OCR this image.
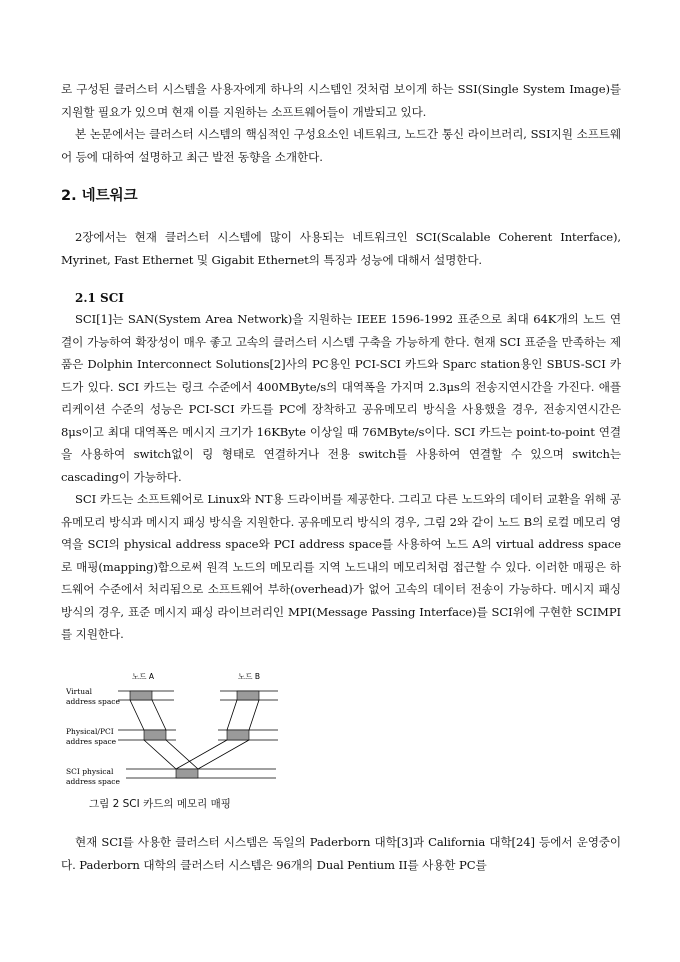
로 구성된 클러스터 시스템을 사용자에게 하나의 시스템인 것처럼 보이게 하는 SSI(Single System Image)를 지원할 필요가 있으며 현재 이를 지원하는 소프트웨어들이 개발되고 있다.

본 논문에서는 클러스터 시스템의 핵심적인 구성요소인 네트워크, 노드간 통신 라이브러리, SSI지원 소프트웨어 등에 대하여 설명하고 최근 발전 동향을 소개한다.

2. 네트워크

2장에서는 현재 클러스터 시스템에 많이 사용되는 네트워크인 SCI(Scalable Coherent Interface), Myrinet, Fast Ethernet 및 Gigabit Ethernet의 특징과 성능에 대해서 설명한다.

2.1 SCI

SCI[1]는 SAN(System Area Network)을 지원하는 IEEE 1596-1992 표준으로 최대 64K개의 노드 연결이 가능하여 확장성이 매우 좋고 고속의 클러스터 시스템 구축을 가능하게 한다. 현재 SCI 표준을 만족하는 제품은 Dolphin Interconnect Solutions[2]사의 PC용인 PCI-SCI 카드와 Sparc station용인 SBUS-SCI 카드가 있다. SCI 카드는 링크 수준에서 400MByte/s의 대역폭을 가지며 2.3μs의 전송지연시간을 가진다. 애플리케이션 수준의 성능은 PCI-SCI 카드를 PC에 장착하고 공유메모리 방식을 사용했을 경우, 전송지연시간은 8μs이고 최대 대역폭은 메시지 크기가 16KByte 이상일 때 76MByte/s이다. SCI 카드는 point-to-point 연결을 사용하여 switch없이 링 형태로 연결하거나 전용 switch를 사용하여 연결할 수 있으며 switch는 cascading이 가능하다.

SCI 카드는 소프트웨어로 Linux와 NT용 드라이버를 제공한다. 그리고 다른 노드와의 데이터 교환을 위해 공유메모리 방식과 메시지 패싱 방식을 지원한다. 공유메모리 방식의 경우, 그림 2와 같이 노드 B의 로컬 메모리 영역을 SCI의 physical address space와 PCI address space를 사용하여 노드 A의 virtual address space로 매핑(mapping)함으로써 원격 노드의 메모리를 지역 노드내의 메모리처럼 접근할 수 있다. 이러한 매핑은 하드웨어 수준에서 처리됨으로 소프트웨어 부하(overhead)가 없어 고속의 데이터 전송이 가능하다. 메시지 패싱 방식의 경우, 표준 메시지 패싱 라이브러리인 MPI(Message Passing Interface)를 SCI위에 구현한 SCIMPI를 지원한다.

노드 A	노드 B
Virtual
address space
Physical/PCI
addres space
SCI physical
address space

그림 2 SCI 카드의 메모리 매핑

현재 SCI를 사용한 클러스터 시스템은 독일의 Paderborn 대학[3]과 California 대학[24] 등에서 운영중이다. Paderborn 대학의 클러스터 시스템은 96개의 Dual Pentium II를 사용한 PC를
